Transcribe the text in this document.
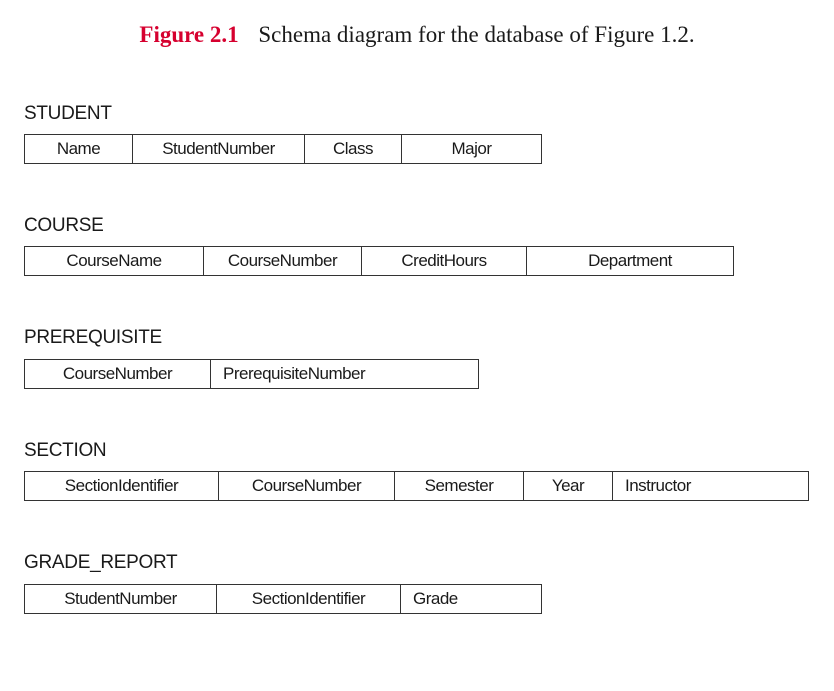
Figure 2.1 Schema diagram for the database of Figure 1.2.
STUDENT
Name	StudentNumber	Class	Major
COURSE
CourseName	CourseNumber	CreditHours	Department
PREREQUISITE
CourseNumber	PrerequisiteNumber
SECTION
SectionIdentifier	CourseNumber	Semester	Year	Instructor
GRADE_REPORT
StudentNumber	SectionIdentifier	Grade
